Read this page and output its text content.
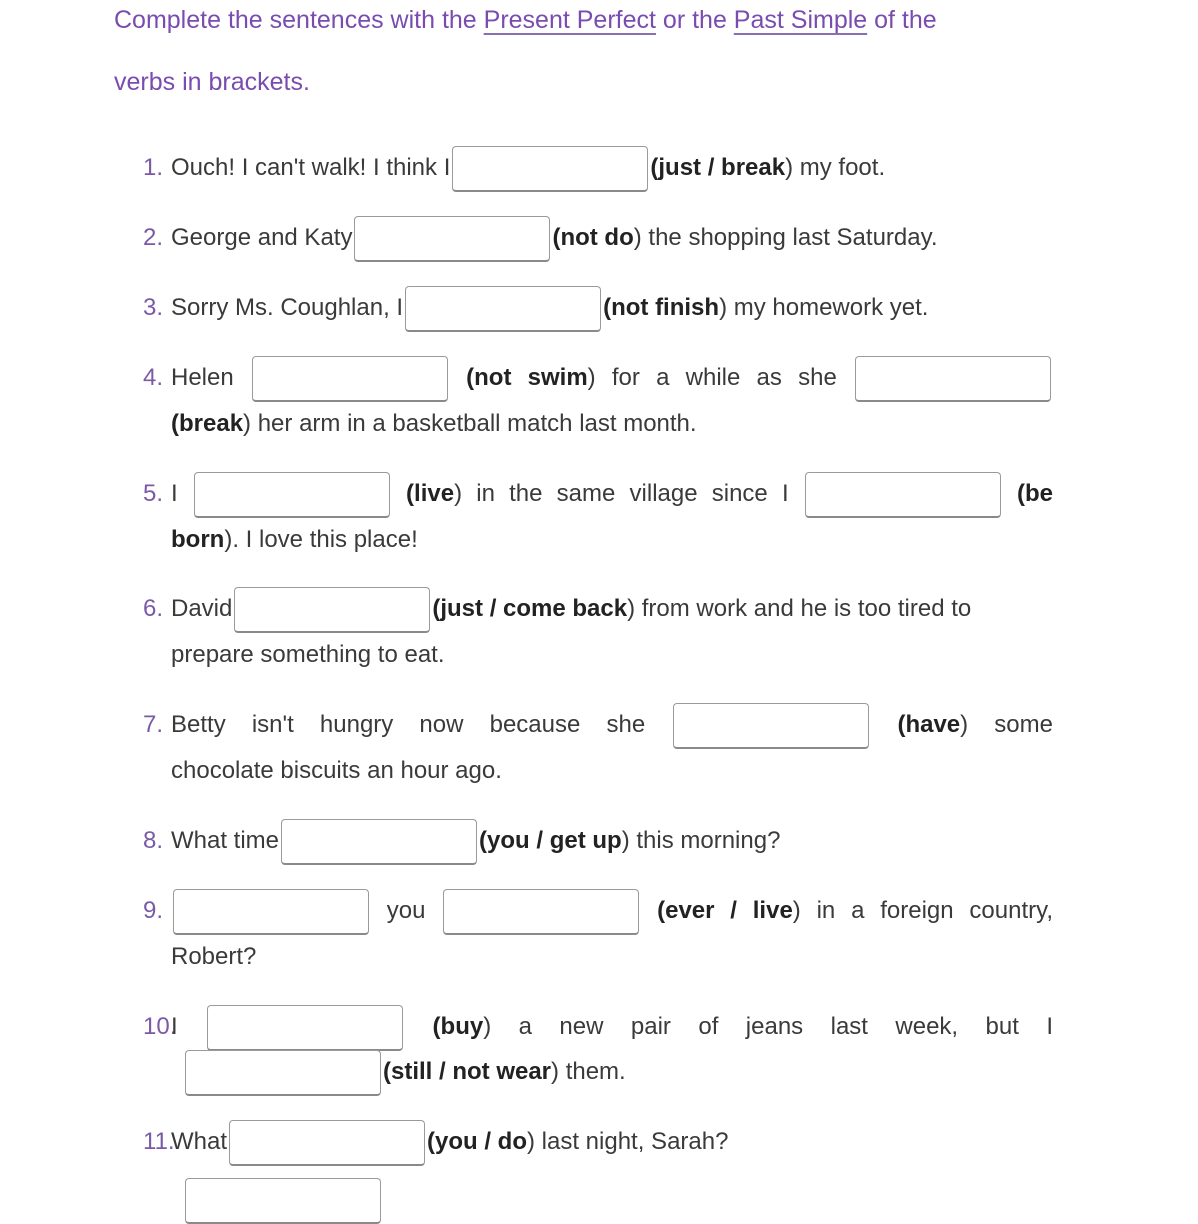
Complete the sentences with the Present Perfect or the Past Simple of the
verbs in brackets.
1. Ouch! I can't walk! I think I	(just / break) my foot.
2. George and Katy	(not do) the shopping last Saturday.
3. Sorry Ms. Coughlan, I	(not finish) my homework yet.
4. Helen	(not swim) for a while as she
(break) her arm in a basketball match last month.
5. I	(live) in the same village since I	(be
born). I love this place!
6. David	(just / come back) from work and he is too tired to
prepare something to eat.
7. Betty isn't hungry now because she	(have) some
chocolate biscuits an hour ago.
8. What time	(you / get up) this morning?
9.	you	(ever / live) in a foreign country,
Robert?
10.
I	(buy) a new pair of jeans last week, but I
(still / not wear) them.
11.
What	(you / do) last night, Sarah?
